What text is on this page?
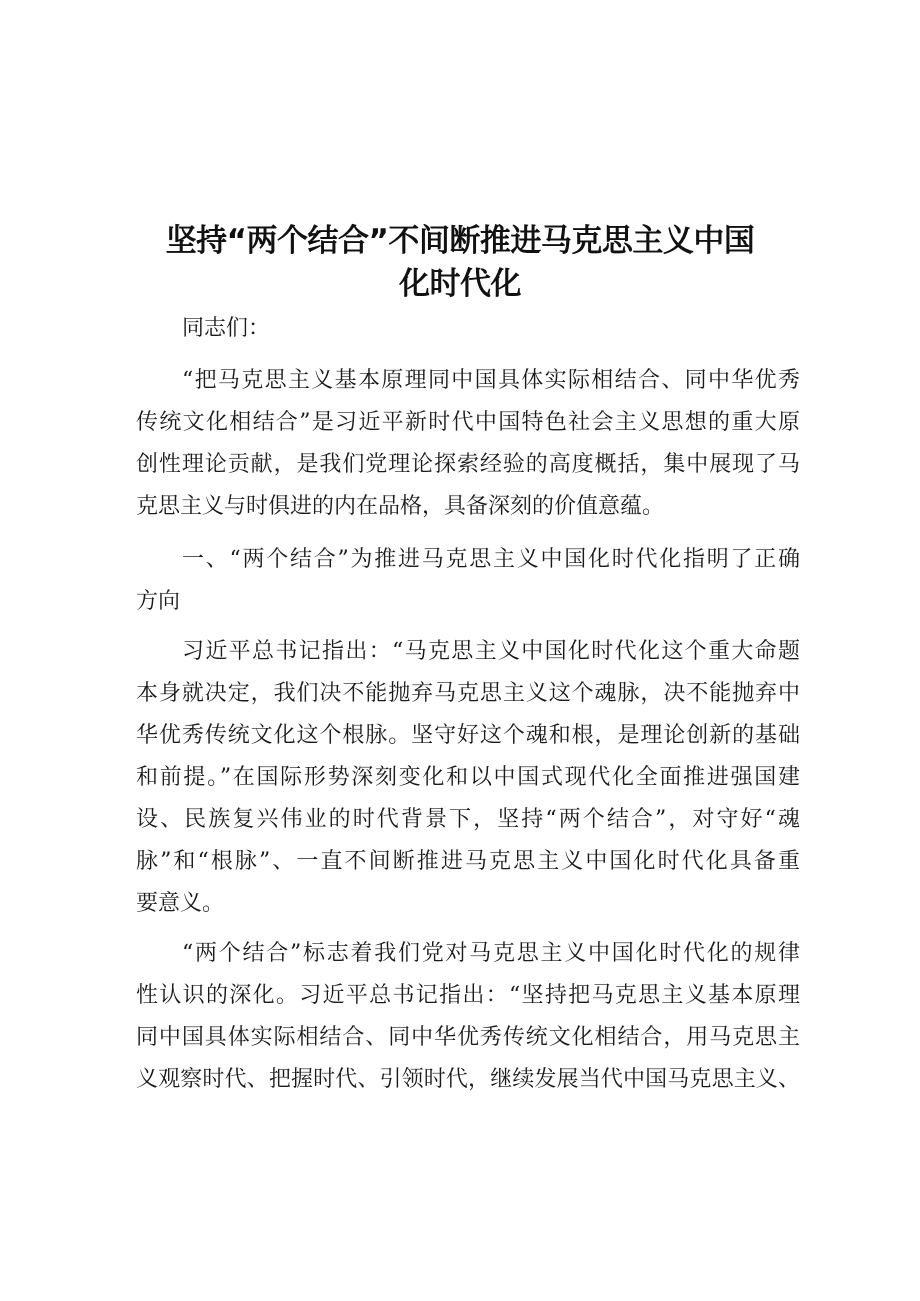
坚持“两个结合”不间断推进马克思主义中国
化时代化
同志们：
“把马克思主义基本原理同中国具体实际相结合、同中华优秀
传统文化相结合”是习近平新时代中国特色社会主义思想的重大原
创性理论贡献，是我们党理论探索经验的高度概括，集中展现了马
克思主义与时俱进的内在品格，具备深刻的价值意蕴。
一、“两个结合”为推进马克思主义中国化时代化指明了正确
方向
习近平总书记指出：“马克思主义中国化时代化这个重大命题
本身就决定，我们决不能抛弃马克思主义这个魂脉，决不能抛弃中
华优秀传统文化这个根脉。坚守好这个魂和根，是理论创新的基础
和前提。”在国际形势深刻变化和以中国式现代化全面推进强国建
设、民族复兴伟业的时代背景下，坚持“两个结合”，对守好“魂
脉”和“根脉”、一直不间断推进马克思主义中国化时代化具备重
要意义。
“两个结合”标志着我们党对马克思主义中国化时代化的规律
性认识的深化。习近平总书记指出：“坚持把马克思主义基本原理
同中国具体实际相结合、同中华优秀传统文化相结合，用马克思主
义观察时代、把握时代、引领时代，继续发展当代中国马克思主义、
